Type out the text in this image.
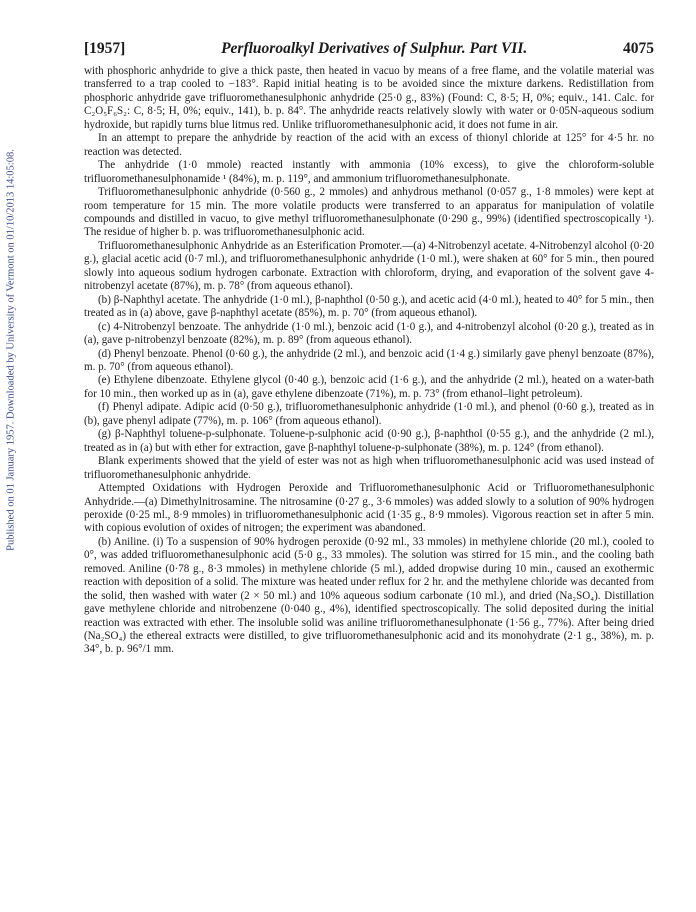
Published on 01 January 1957. Downloaded by University of Vermont on 01/10/2013 14:05:08.
[1957]	Perfluoroalkyl Derivatives of Sulphur. Part VII.	4075

with phosphoric anhydride to give a thick paste, then heated in vacuo by means of a free flame, and the volatile material was transferred to a trap cooled to −183°. Rapid initial heating is to be avoided since the mixture darkens. Redistillation from phosphoric anhydride gave trifluoromethanesulphonic anhydride (25·0 g., 83%) (Found: C, 8·5; H, 0%; equiv., 141. Calc. for C₂O₅F₆S₂: C, 8·5; H, 0%; equiv., 141), b. p. 84°. The anhydride reacts relatively slowly with water or 0·05N-aqueous sodium hydroxide, but rapidly turns blue litmus red. Unlike trifluoromethanesulphonic acid, it does not fume in air.

In an attempt to prepare the anhydride by reaction of the acid with an excess of thionyl chloride at 125° for 4·5 hr. no reaction was detected.

The anhydride (1·0 mmole) reacted instantly with ammonia (10% excess), to give the chloroform-soluble trifluoromethanesulphonamide ¹ (84%), m. p. 119°, and ammonium trifluoromethanesulphonate.

Trifluoromethanesulphonic anhydride (0·560 g., 2 mmoles) and anhydrous methanol (0·057 g., 1·8 mmoles) were kept at room temperature for 15 min. The more volatile products were transferred to an apparatus for manipulation of volatile compounds and distilled in vacuo, to give methyl trifluoromethanesulphonate (0·290 g., 99%) (identified spectroscopically ¹). The residue of higher b. p. was trifluoromethanesulphonic acid.

Trifluoromethanesulphonic Anhydride as an Esterification Promoter.—(a) 4-Nitrobenzyl acetate. 4-Nitrobenzyl alcohol (0·20 g.), glacial acetic acid (0·7 ml.), and trifluoromethanesulphonic anhydride (1·0 ml.), were shaken at 60° for 5 min., then poured slowly into aqueous sodium hydrogen carbonate. Extraction with chloroform, drying, and evaporation of the solvent gave 4-nitrobenzyl acetate (87%), m. p. 78° (from aqueous ethanol).

(b) β-Naphthyl acetate. The anhydride (1·0 ml.), β-naphthol (0·50 g.), and acetic acid (4·0 ml.), heated to 40° for 5 min., then treated as in (a) above, gave β-naphthyl acetate (85%), m. p. 70° (from aqueous ethanol).

(c) 4-Nitrobenzyl benzoate. The anhydride (1·0 ml.), benzoic acid (1·0 g.), and 4-nitrobenzyl alcohol (0·20 g.), treated as in (a), gave p-nitrobenzyl benzoate (82%), m. p. 89° (from aqueous ethanol).

(d) Phenyl benzoate. Phenol (0·60 g.), the anhydride (2 ml.), and benzoic acid (1·4 g.) similarly gave phenyl benzoate (87%), m. p. 70° (from aqueous ethanol).

(e) Ethylene dibenzoate. Ethylene glycol (0·40 g.), benzoic acid (1·6 g.), and the anhydride (2 ml.), heated on a water-bath for 10 min., then worked up as in (a), gave ethylene dibenzoate (71%), m. p. 73° (from ethanol–light petroleum).

(f) Phenyl adipate. Adipic acid (0·50 g.), trifluoromethanesulphonic anhydride (1·0 ml.), and phenol (0·60 g.), treated as in (b), gave phenyl adipate (77%), m. p. 106° (from aqueous ethanol).

(g) β-Naphthyl toluene-p-sulphonate. Toluene-p-sulphonic acid (0·90 g.), β-naphthol (0·55 g.), and the anhydride (2 ml.), treated as in (a) but with ether for extraction, gave β-naphthyl toluene-p-sulphonate (38%), m. p. 124° (from ethanol).

Blank experiments showed that the yield of ester was not as high when trifluoromethanesulphonic acid was used instead of trifluoromethanesulphonic anhydride.

Attempted Oxidations with Hydrogen Peroxide and Trifluoromethanesulphonic Acid or Trifluoromethanesulphonic Anhydride.—(a) Dimethylnitrosamine. The nitrosamine (0·27 g., 3·6 mmoles) was added slowly to a solution of 90% hydrogen peroxide (0·25 ml., 8·9 mmoles) in trifluoromethanesulphonic acid (1·35 g., 8·9 mmoles). Vigorous reaction set in after 5 min. with copious evolution of oxides of nitrogen; the experiment was abandoned.

(b) Aniline. (i) To a suspension of 90% hydrogen peroxide (0·92 ml., 33 mmoles) in methylene chloride (20 ml.), cooled to 0°, was added trifluoromethanesulphonic acid (5·0 g., 33 mmoles). The solution was stirred for 15 min., and the cooling bath removed. Aniline (0·78 g., 8·3 mmoles) in methylene chloride (5 ml.), added dropwise during 10 min., caused an exothermic reaction with deposition of a solid. The mixture was heated under reflux for 2 hr. and the methylene chloride was decanted from the solid, then washed with water (2 × 50 ml.) and 10% aqueous sodium carbonate (10 ml.), and dried (Na₂SO₄). Distillation gave methylene chloride and nitrobenzene (0·040 g., 4%), identified spectroscopically. The solid deposited during the initial reaction was extracted with ether. The insoluble solid was aniline trifluoromethanesulphonate (1·56 g., 77%). After being dried (Na₂SO₄) the ethereal extracts were distilled, to give trifluoromethanesulphonic acid and its monohydrate (2·1 g., 38%), m. p. 34°, b. p. 96°/1 mm.
